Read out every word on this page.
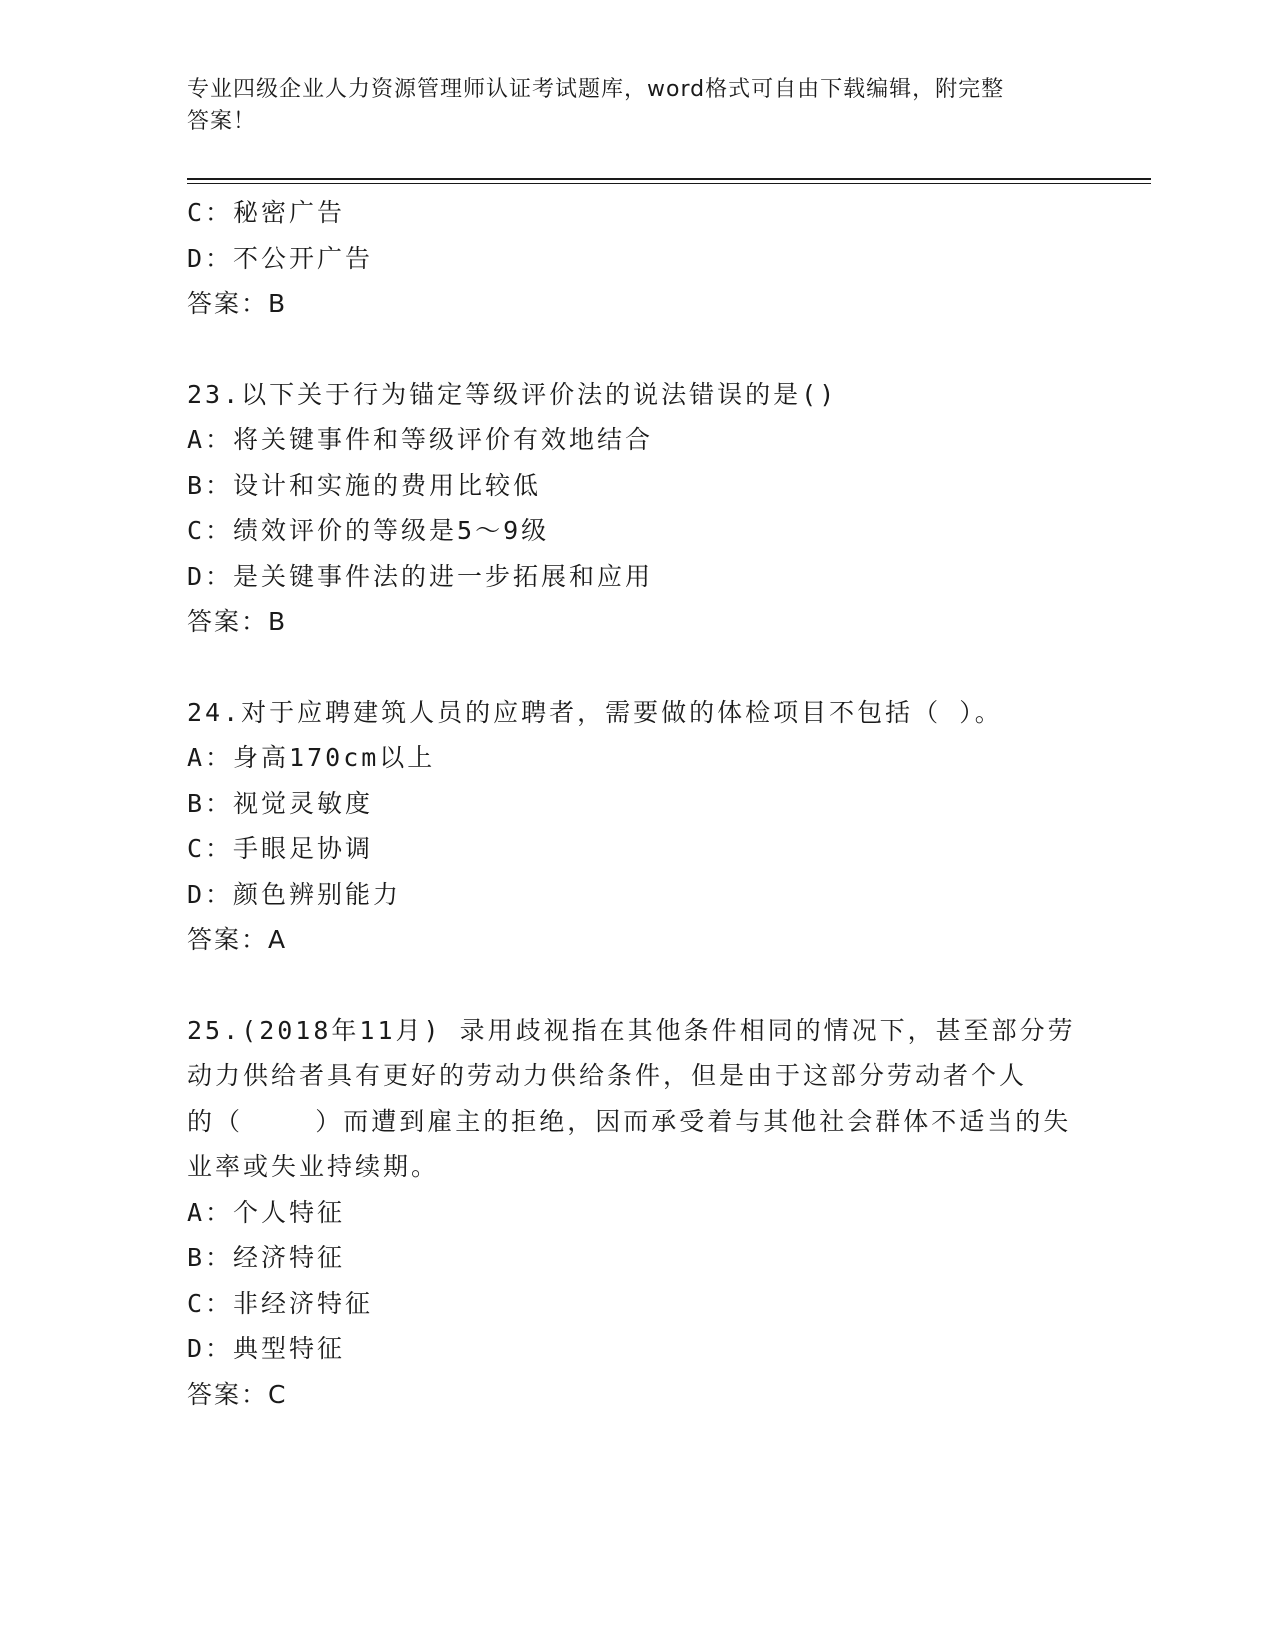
专业四级企业人力资源管理师认证考试题库，word格式可自由下载编辑，附完整
答案！
C：秘密广告
D：不公开广告
答案：B
23.以下关于行为锚定等级评价法的说法错误的是()
A：将关键事件和等级评价有效地结合
B：设计和实施的费用比较低
C：绩效评价的等级是5～9级
D：是关键事件法的进一步拓展和应用
答案：B
24.对于应聘建筑人员的应聘者，需要做的体检项目不包括（ ）。
A：身高170cm以上
B：视觉灵敏度
C：手眼足协调
D：颜色辨别能力
答案：A
25.(2018年11月) 录用歧视指在其他条件相同的情况下，甚至部分劳
动力供给者具有更好的劳动力供给条件，但是由于这部分劳动者个人
的（    ）而遭到雇主的拒绝，因而承受着与其他社会群体不适当的失
业率或失业持续期。
A：个人特征
B：经济特征
C：非经济特征
D：典型特征
答案：C
